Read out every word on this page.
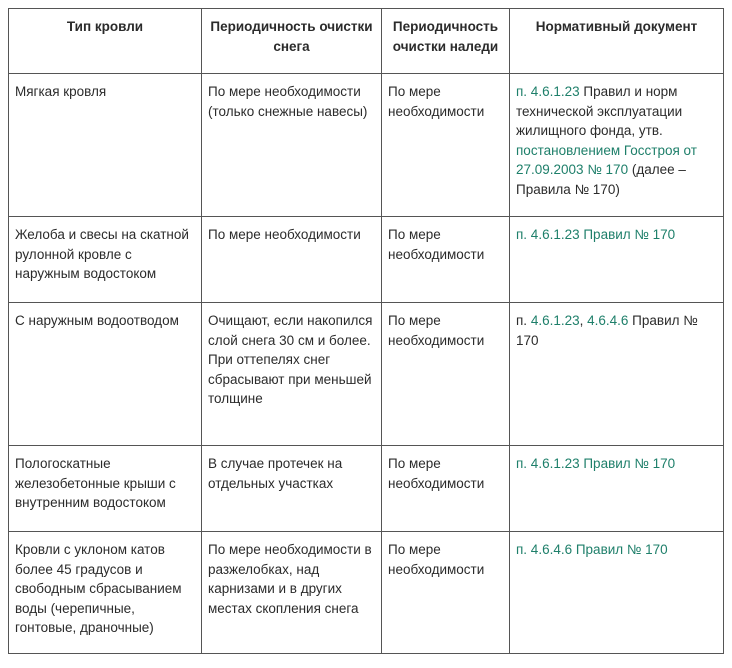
Тип кровли	Периодичность очистки снега	Периодичность очистки наледи	Нормативный документ
Мягкая кровля	По мере необходимости (только снежные навесы)	По мере необходимости	п. 4.6.1.23 Правил и норм технической эксплуатации жилищного фонда, утв. постановлением Госстроя от 27.09.2003 № 170 (далее – Правила № 170)
Желоба и свесы на скатной рулонной кровле с наружным водостоком	По мере необходимости	По мере необходимости	п. 4.6.1.23 Правил № 170
С наружным водоотводом	Очищают, если накопился слой снега 30 см и более. При оттепелях снег сбрасывают при меньшей толщине	По мере необходимости	п. 4.6.1.23, 4.6.4.6 Правил № 170
Пологоскатные железобетонные крыши с внутренним водостоком	В случае протечек на отдельных участках	По мере необходимости	п. 4.6.1.23 Правил № 170
Кровли с уклоном катов более 45 градусов и свободным сбрасыванием воды (черепичные, гонтовые, драночные)	По мере необходимости в разжелобках, над карнизами и в других местах скопления снега	По мере необходимости	п. 4.6.4.6 Правил № 170
